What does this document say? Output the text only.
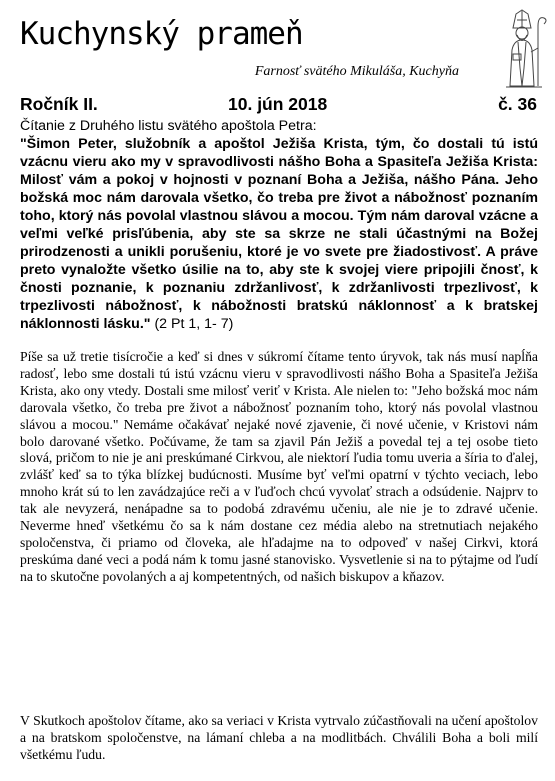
Kuchynský prameň
Farnosť svätého Mikuláša, Kuchyňa
Ročník II.	10. jún 2018	č. 36
Čítanie z Druhého listu svätého apoštola Petra:
"Šimon Peter, služobník a apoštol Ježiša Krista, tým, čo dostali tú istú vzácnu vieru ako my v spravodlivosti nášho Boha a Spasiteľa Ježiša Krista: Milosť vám a pokoj v hojnosti v poznaní Boha a Ježiša, nášho Pána. Jeho božská moc nám darovala všetko, čo treba pre život a nábožnosť poznaním toho, ktorý nás povolal vlastnou slávou a mocou. Tým nám daroval vzácne a veľmi veľké prisľúbenia, aby ste sa skrze ne stali účastnými na Božej prirodzenosti a unikli porušeniu, ktoré je vo svete pre žiadostivosť. A práve preto vynaložte všetko úsilie na to, aby ste k svojej viere pripojili čnosť, k čnosti poznanie, k poznaniu zdržanlivosť, k zdržanlivosti trpezlivosť, k trpezlivosti nábožnosť, k nábožnosti bratskú náklonnosť a k bratskej náklonnosti lásku." (2 Pt 1, 1- 7)

Píše sa už tretie tisícročie a keď si dnes v súkromí čítame tento úryvok, tak nás musí napĺňa radosť, lebo sme dostali tú istú vzácnu vieru v spravodlivosti nášho Boha a Spasiteľa Ježiša Krista, ako ony vtedy. Dostali sme milosť veriť v Krista. Ale nielen to: "Jeho božská moc nám darovala všetko, čo treba pre život a nábožnosť poznaním toho, ktorý nás povolal vlastnou slávou a mocou." Nemáme očakávať nejaké nové zjavenie, či nové učenie, v Kristovi nám bolo darované všetko. Počúvame, že tam sa zjavil Pán Ježiš a povedal tej a tej osobe tieto slová, pričom to nie je ani preskúmané Cirkvou, ale niektorí ľudia tomu uveria a šíria to ďalej, zvlášť keď sa to týka blízkej budúcnosti. Musíme byť veľmi opatrní v týchto veciach, lebo mnoho krát sú to len zavádzajúce reči a v ľuďoch chcú vyvolať strach a odsúdenie. Najprv to tak ale nevyzerá, nenápadne sa to podobá zdravému učeniu, ale nie je to zdravé učenie. Neverme hneď všetkému čo sa k nám dostane cez média alebo na stretnutiach nejakého spoločenstva, či priamo od človeka, ale hľadajme na to odpoveď v našej Cirkvi, ktorá preskúma dané veci a podá nám k tomu jasné stanovisko. Vysvetlenie si na to pýtajme od ľudí na to skutočne povolaných a aj kompetentných, od našich biskupov a kňazov.

V Skutkoch apoštolov čítame, ako sa veriaci v Krista vytrvalo zúčastňovali na učení apoštolov a na bratskom spoločenstve, na lámaní chleba a na modlitbách. Chválili Boha a boli milí všetkému ľudu.
